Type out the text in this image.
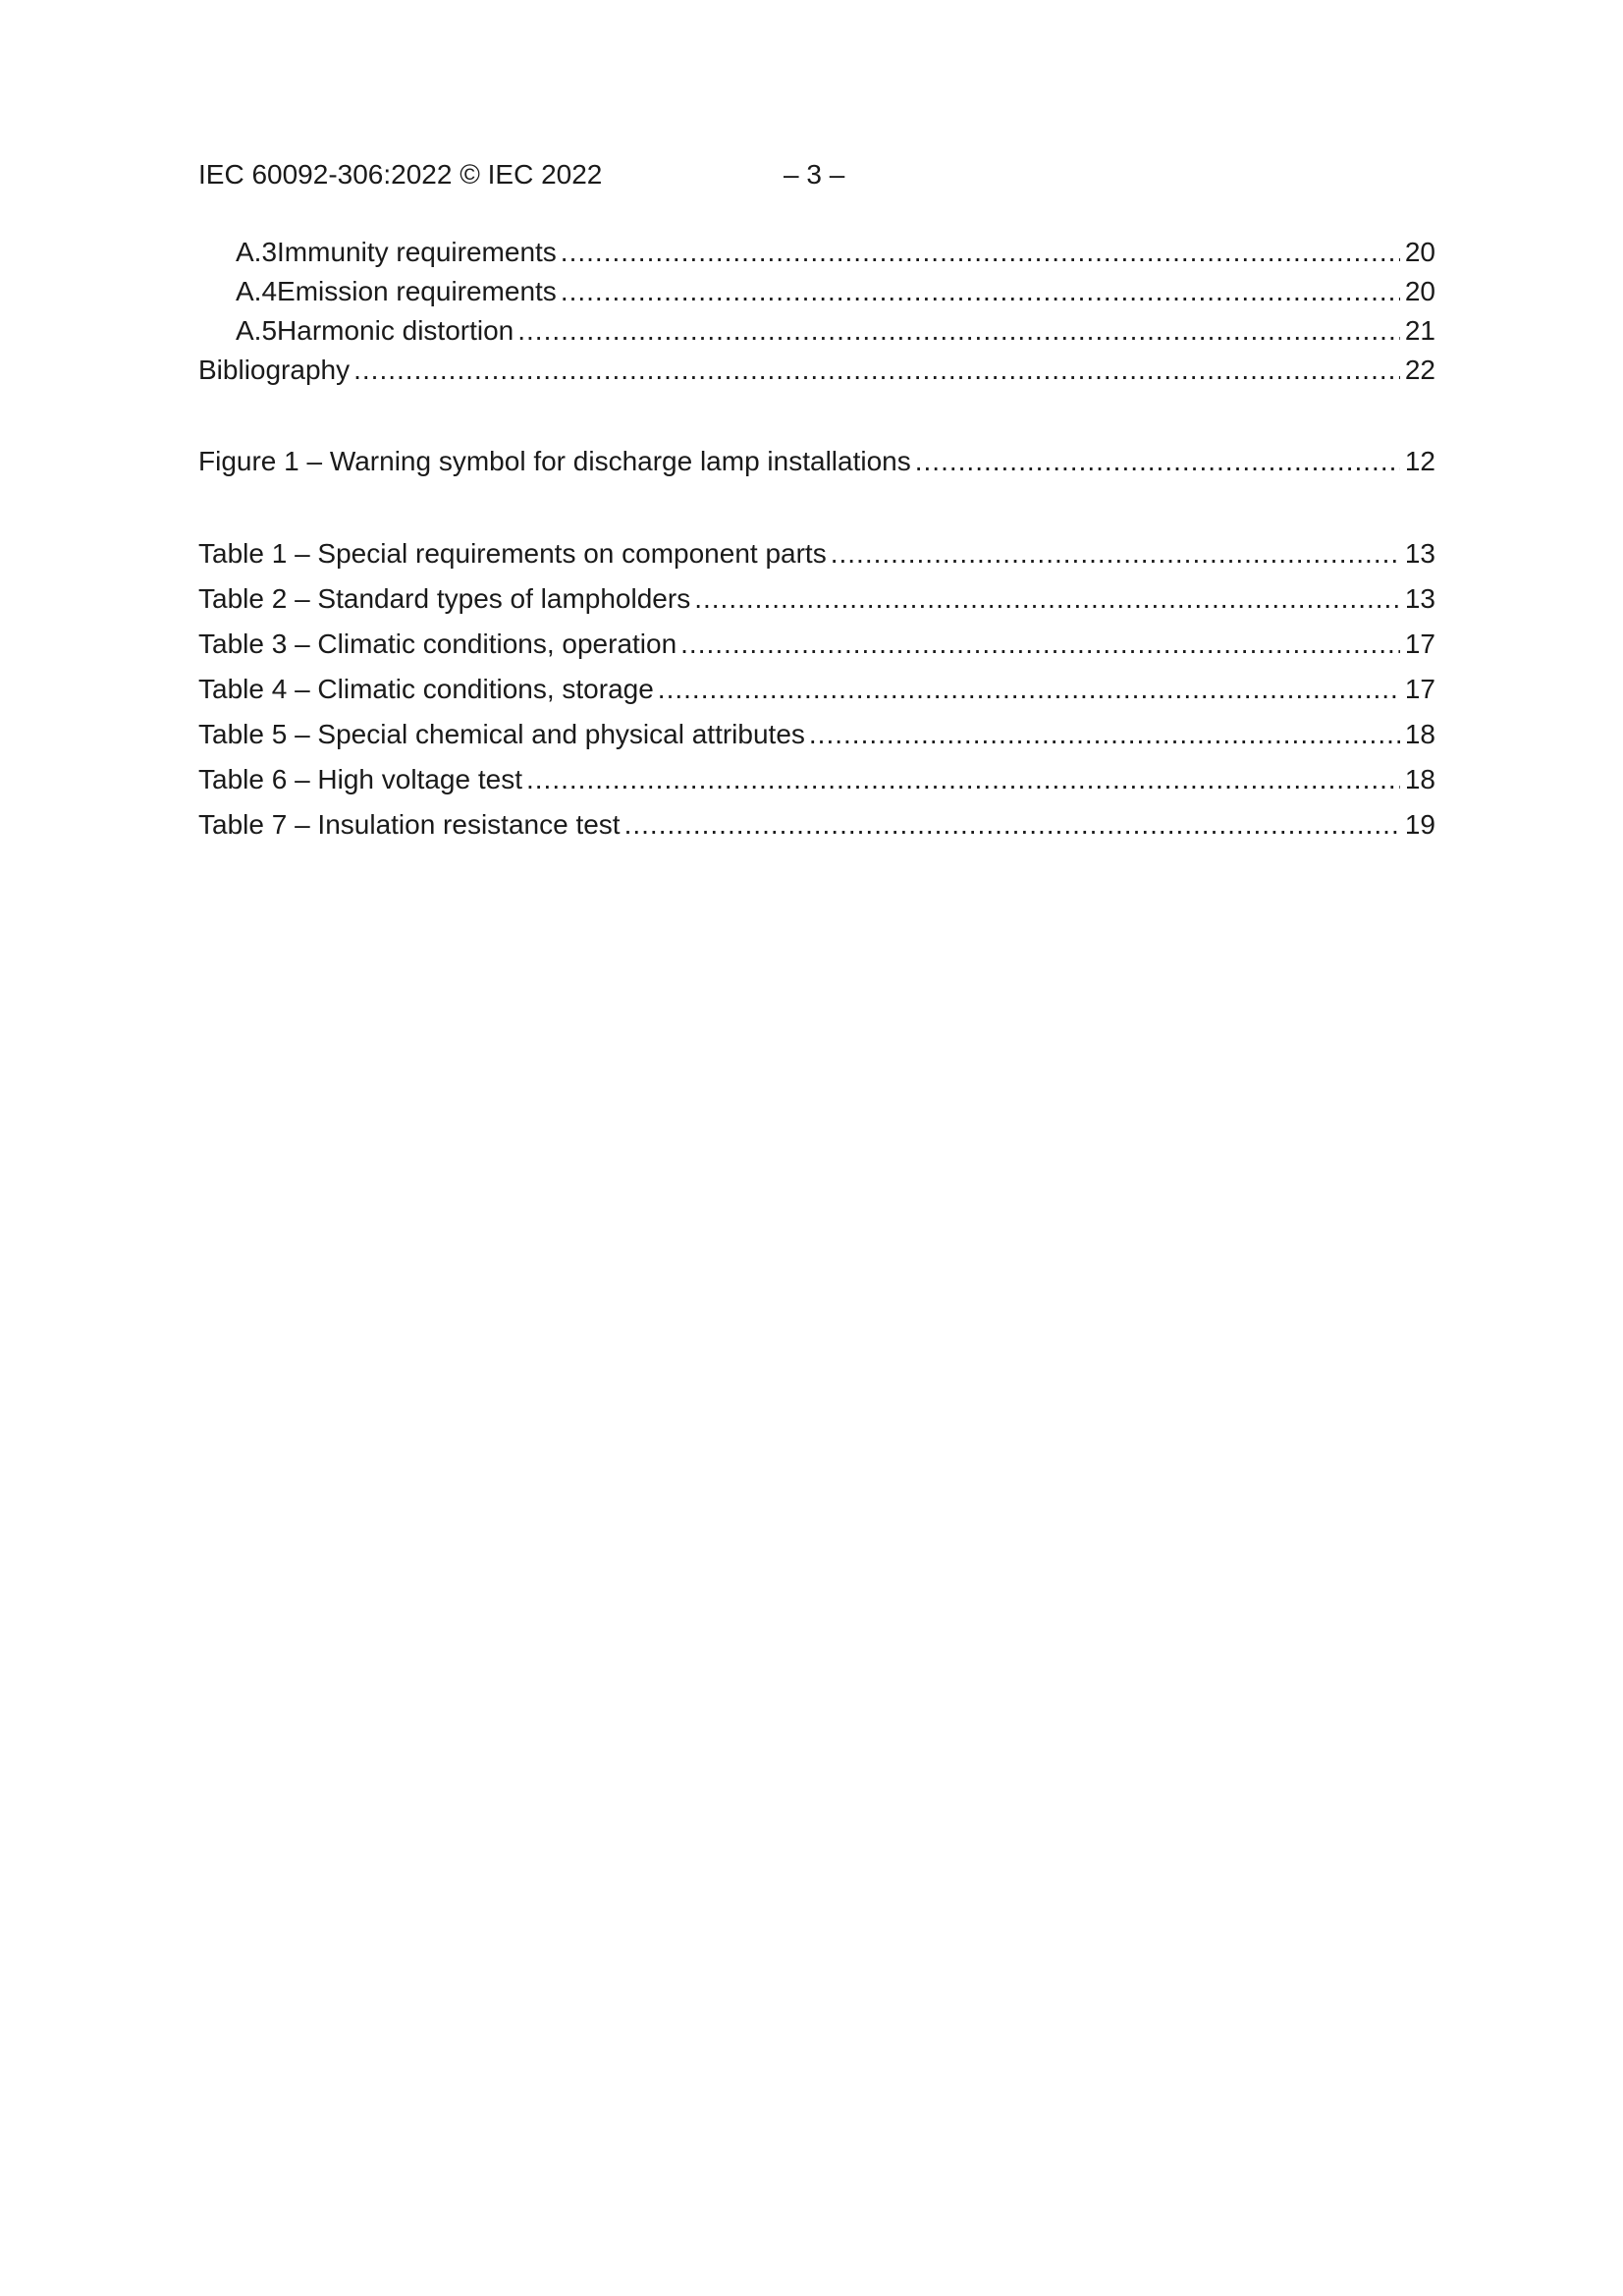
IEC 60092-306:2022 © IEC 2022	– 3 –
A.3 Immunity requirements .....	20
A.4 Emission requirements .....	20
A.5 Harmonic distortion .....	21
Bibliography .....	22
Figure 1 – Warning symbol for discharge lamp installations .....	12
Table 1 – Special requirements on component parts .....	13
Table 2 – Standard types of lampholders .....	13
Table 3 – Climatic conditions, operation .....	17
Table 4 – Climatic conditions, storage .....	17
Table 5 – Special chemical and physical attributes .....	18
Table 6 – High voltage test .....	18
Table 7 – Insulation resistance test .....	19
